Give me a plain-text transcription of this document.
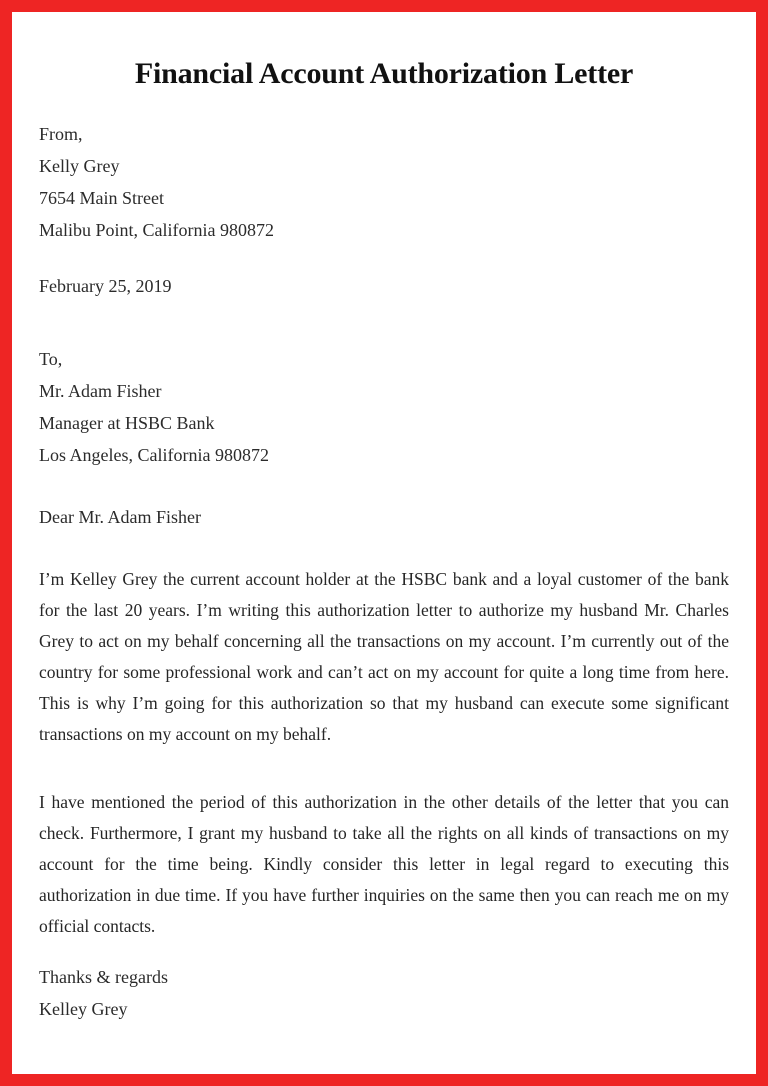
Financial Account Authorization Letter

From,

Kelly Grey

7654 Main Street

Malibu Point, California 980872

February 25, 2019

To,

Mr. Adam Fisher

Manager at HSBC Bank

Los Angeles, California 980872

Dear Mr. Adam Fisher

I’m Kelley Grey the current account holder at the HSBC bank and a loyal customer of the bank for the last 20 years. I’m writing this authorization letter to authorize my husband Mr. Charles Grey to act on my behalf concerning all the transactions on my account. I’m currently out of the country for some professional work and can’t act on my account for quite a long time from here. This is why I’m going for this authorization so that my husband can execute some significant transactions on my account on my behalf.

I have mentioned the period of this authorization in the other details of the letter that you can check. Furthermore, I grant my husband to take all the rights on all kinds of transactions on my account for the time being. Kindly consider this letter in legal regard to executing this authorization in due time. If you have further inquiries on the same then you can reach me on my official contacts.

Thanks & regards

Kelley Grey
